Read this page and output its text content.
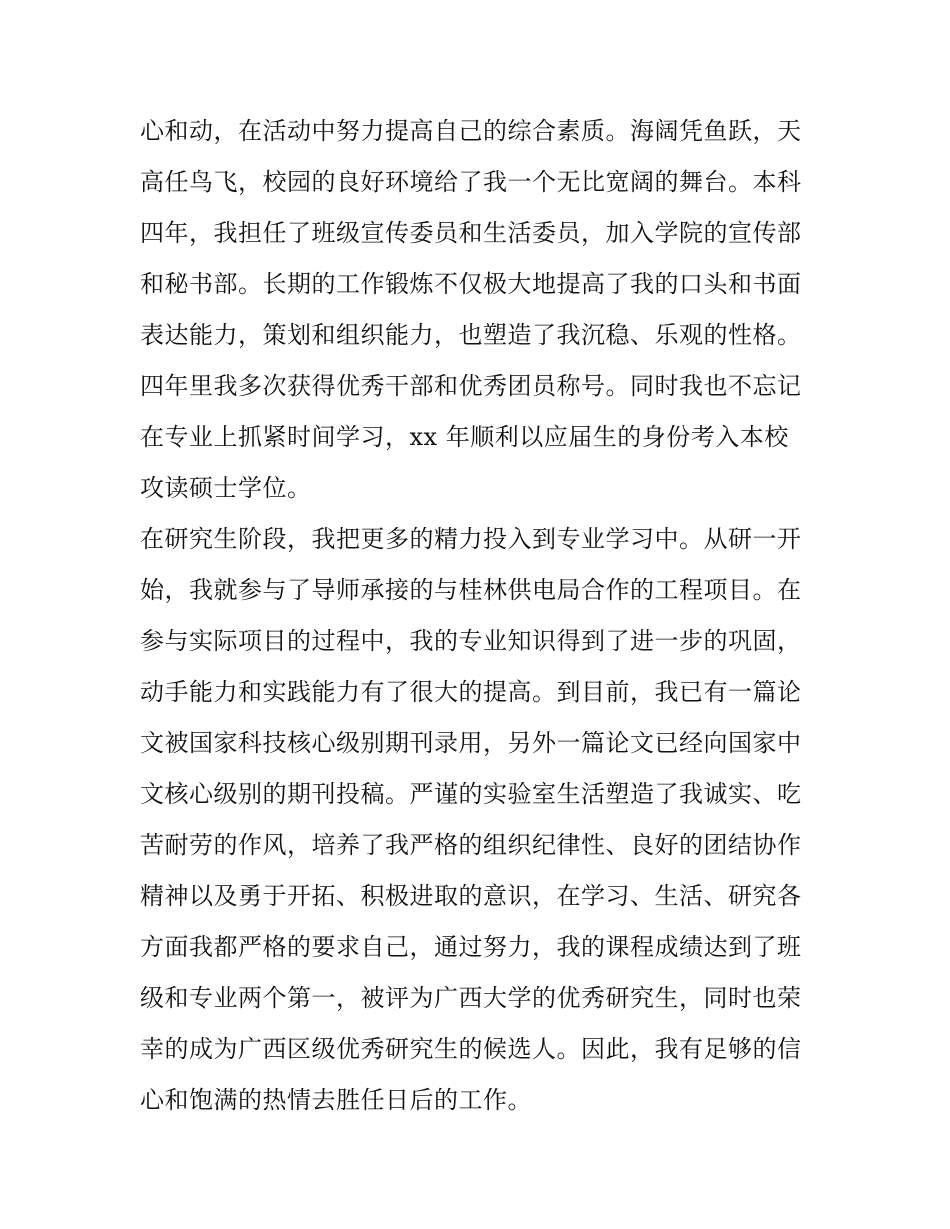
心和动，在活动中努力提高自己的综合素质。海阔凭鱼跃，天
高任鸟飞，校园的良好环境给了我一个无比宽阔的舞台。本科
四年，我担任了班级宣传委员和生活委员，加入学院的宣传部
和秘书部。长期的工作锻炼不仅极大地提高了我的口头和书面
表达能力，策划和组织能力，也塑造了我沉稳、乐观的性格。
四年里我多次获得优秀干部和优秀团员称号。同时我也不忘记
在专业上抓紧时间学习，xx 年顺利以应届生的身份考入本校
攻读硕士学位。
在研究生阶段，我把更多的精力投入到专业学习中。从研一开
始，我就参与了导师承接的与桂林供电局合作的工程项目。在
参与实际项目的过程中，我的专业知识得到了进一步的巩固，
动手能力和实践能力有了很大的提高。到目前，我已有一篇论
文被国家科技核心级别期刊录用，另外一篇论文已经向国家中
文核心级别的期刊投稿。严谨的实验室生活塑造了我诚实、吃
苦耐劳的作风，培养了我严格的组织纪律性、良好的团结协作
精神以及勇于开拓、积极进取的意识，在学习、生活、研究各
方面我都严格的要求自己，通过努力，我的课程成绩达到了班
级和专业两个第一，被评为广西大学的优秀研究生，同时也荣
幸的成为广西区级优秀研究生的候选人。因此，我有足够的信
心和饱满的热情去胜任日后的工作。
